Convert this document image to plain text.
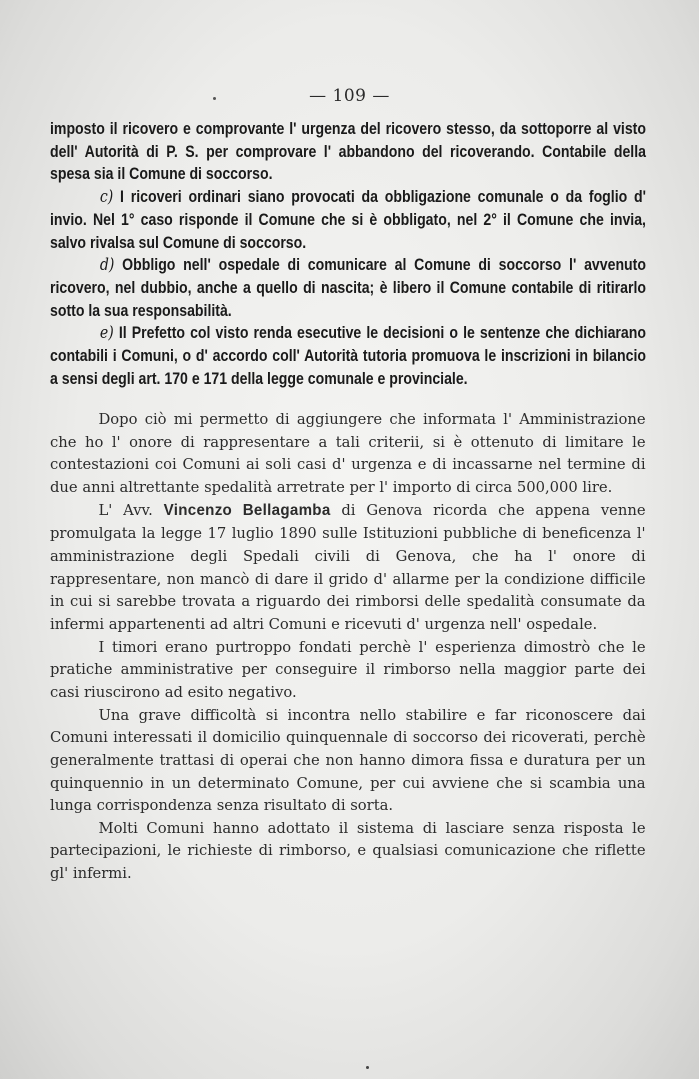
— 109 —

imposto il ricovero e comprovante l' urgenza del ricovero stesso, da sottoporre al visto dell' Autorità di P. S. per comprovare l' abbandono del ricoverando. Contabile della spesa sia il Comune di soccorso.

c) I ricoveri ordinari siano provocati da obbligazione comunale o da foglio d' invio. Nel 1° caso risponde il Comune che si è obbligato, nel 2° il Comune che invia, salvo rivalsa sul Comune di soccorso.

d) Obbligo nell' ospedale di comunicare al Comune di soccorso l' avvenuto ricovero, nel dubbio, anche a quello di nascita; è libero il Comune contabile di ritirarlo sotto la sua responsabilità.

e) Il Prefetto col visto renda esecutive le decisioni o le sentenze che dichiarano contabili i Comuni, o d' accordo coll' Autorità tutoria promuova le inscrizioni in bilancio a sensi degli art. 170 e 171 della legge comunale e provinciale.

Dopo ciò mi permetto di aggiungere che informata l' Amministrazione che ho l' onore di rappresentare a tali criterii, si è ottenuto di limitare le contestazioni coi Comuni ai soli casi d' urgenza e di incassarne nel termine di due anni altrettante spedalità arretrate per l' importo di circa 500,000 lire.

L' Avv. Vincenzo Bellagamba di Genova ricorda che appena venne promulgata la legge 17 luglio 1890 sulle Istituzioni pubbliche di beneficenza l' amministrazione degli Spedali civili di Genova, che ha l' onore di rappresentare, non mancò di dare il grido d' allarme per la condizione difficile in cui si sarebbe trovata a riguardo dei rimborsi delle spedalità consumate da infermi appartenenti ad altri Comuni e ricevuti d' urgenza nell' ospedale.

I timori erano purtroppo fondati perchè l' esperienza dimostrò che le pratiche amministrative per conseguire il rimborso nella maggior parte dei casi riuscirono ad esito negativo.

Una grave difficoltà si incontra nello stabilire e far riconoscere dai Comuni interessati il domicilio quinquennale di soccorso dei ricoverati, perchè generalmente trattasi di operai che non hanno dimora fissa e duratura per un quinquennio in un determinato Comune, per cui avviene che si scambia una lunga corrispondenza senza risultato di sorta.

Molti Comuni hanno adottato il sistema di lasciare senza risposta le partecipazioni, le richieste di rimborso, e qualsiasi comunicazione che riflette gl' infermi.
